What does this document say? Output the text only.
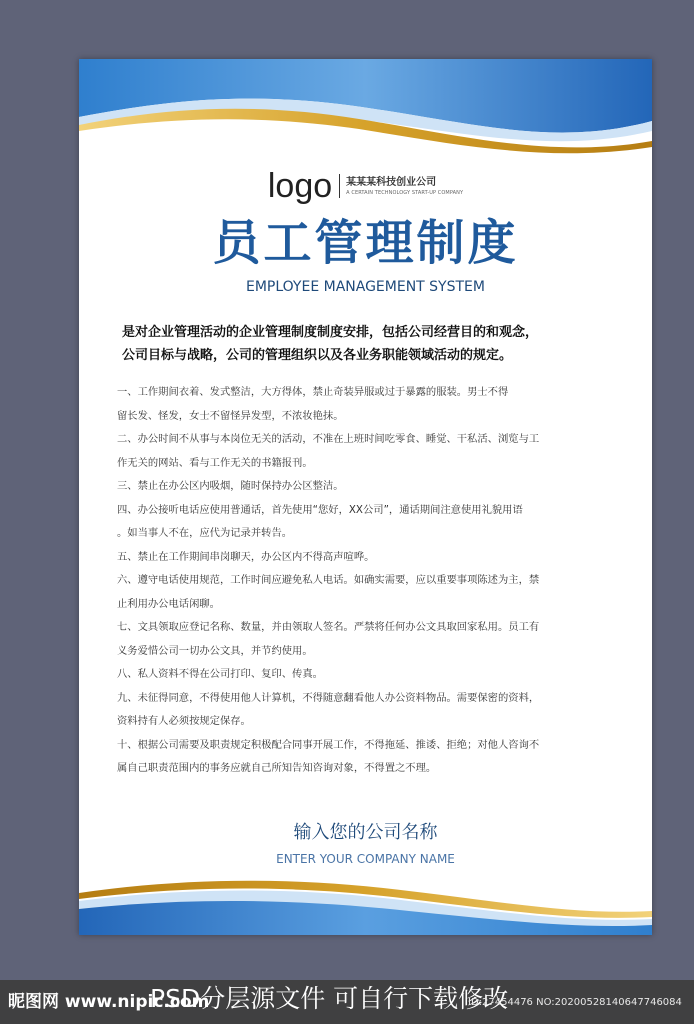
logo 某某某科技创业公司
A CERTAIN TECHNOLOGY START-UP COMPANY
员工管理制度
EMPLOYEE MANAGEMENT SYSTEM

是对企业管理活动的企业管理制度制度安排，包括公司经营目的和观念，
公司目标与战略，公司的管理组织以及各业务职能领域活动的规定。

一、工作期间衣着、发式整洁，大方得体，禁止奇装异服或过于暴露的服装。男士不得
留长发、怪发，女士不留怪异发型，不浓妆艳抹。
二、办公时间不从事与本岗位无关的活动，不准在上班时间吃零食、睡觉、干私活、浏览与工
作无关的网站、看与工作无关的书籍报刊。
三、禁止在办公区内吸烟，随时保持办公区整洁。
四、办公接听电话应使用普通话，首先使用“您好，XX公司”，通话期间注意使用礼貌用语
。如当事人不在，应代为记录并转告。
五、禁止在工作期间串岗聊天，办公区内不得高声喧哗。
六、遵守电话使用规范，工作时间应避免私人电话。如确实需要，应以重要事项陈述为主，禁
止利用办公电话闲聊。
七、文具领取应登记名称、数量，并由领取人签名。严禁将任何办公文具取回家私用。员工有
义务爱惜公司一切办公文具，并节约使用。
八、私人资料不得在公司打印、复印、传真。
九、未征得同意，不得使用他人计算机，不得随意翻看他人办公资料物品。需要保密的资料，
资料持有人必须按规定保存。
十、根据公司需要及职责规定积极配合同事开展工作，不得拖延、推诿、拒绝；对他人咨询不
属自己职责范围内的事务应就自己所知告知咨询对象，不得置之不理。
输入您的公司名称
ENTER YOUR COMPANY NAME
昵图网 www.nipic.com
PSD分层源文件 可自行下载修改
ID:27454476 NO:20200528140647746084
